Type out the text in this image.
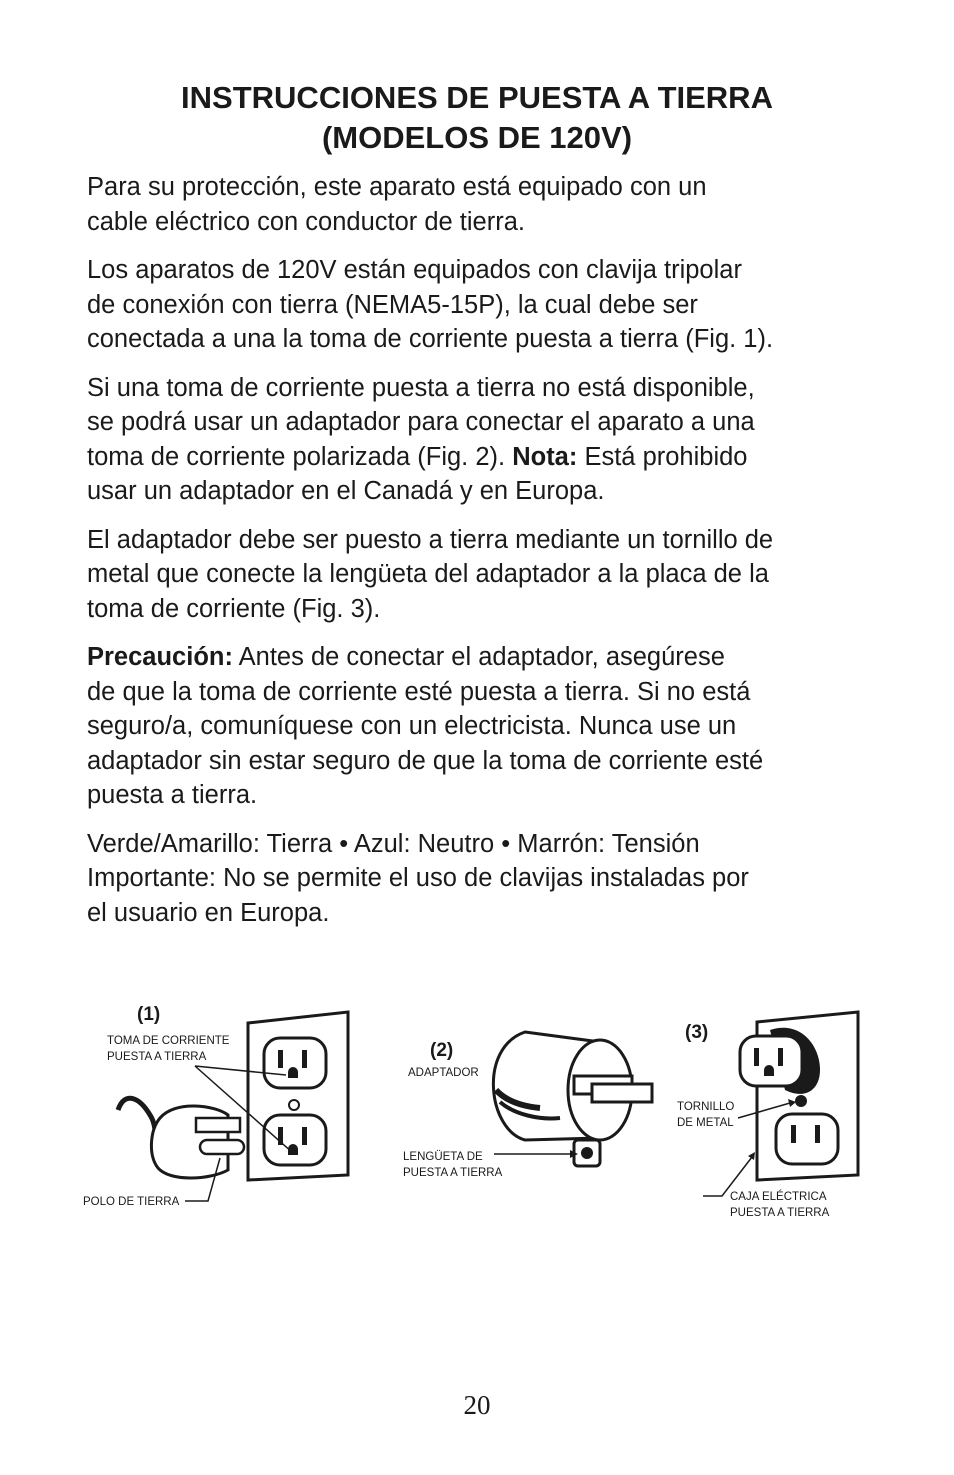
INSTRUCCIONES DE PUESTA A TIERRA
(MODELOS DE 120V)

Para su protección, este aparato está equipado con un
cable eléctrico con conductor de tierra.

Los aparatos de 120V están equipados con clavija tripolar
de conexión con tierra (NEMA5-15P), la cual debe ser
conectada a una la toma de corriente puesta a tierra (Fig. 1).

Si una toma de corriente puesta a tierra no está disponible,
se podrá usar un adaptador para conectar el aparato a una
toma de corriente polarizada (Fig. 2). Nota: Está prohibido
usar un adaptador en el Canadá y en Europa.

El adaptador debe ser puesto a tierra mediante un tornillo de
metal que conecte la lengüeta del adaptador a la placa de la
toma de corriente (Fig. 3).

Precaución: Antes de conectar el adaptador, asegúrese
de que la toma de corriente esté puesta a tierra. Si no está
seguro/a, comuníquese con un electricista. Nunca use un
adaptador sin estar seguro de que la toma de corriente esté
puesta a tierra.

Verde/Amarillo: Tierra • Azul: Neutro • Marrón: Tensión
Importante: No se permite el uso de clavijas instaladas por
el usuario en Europa.

(1)
TOMA DE CORRIENTE
PUESTA A TIERRA
POLO DE TIERRA
(2)
ADAPTADOR
LENGÜETA DE
PUESTA A TIERRA
(3)
TORNILLO
DE METAL
CAJA ELÉCTRICA
PUESTA A TIERRA
20
